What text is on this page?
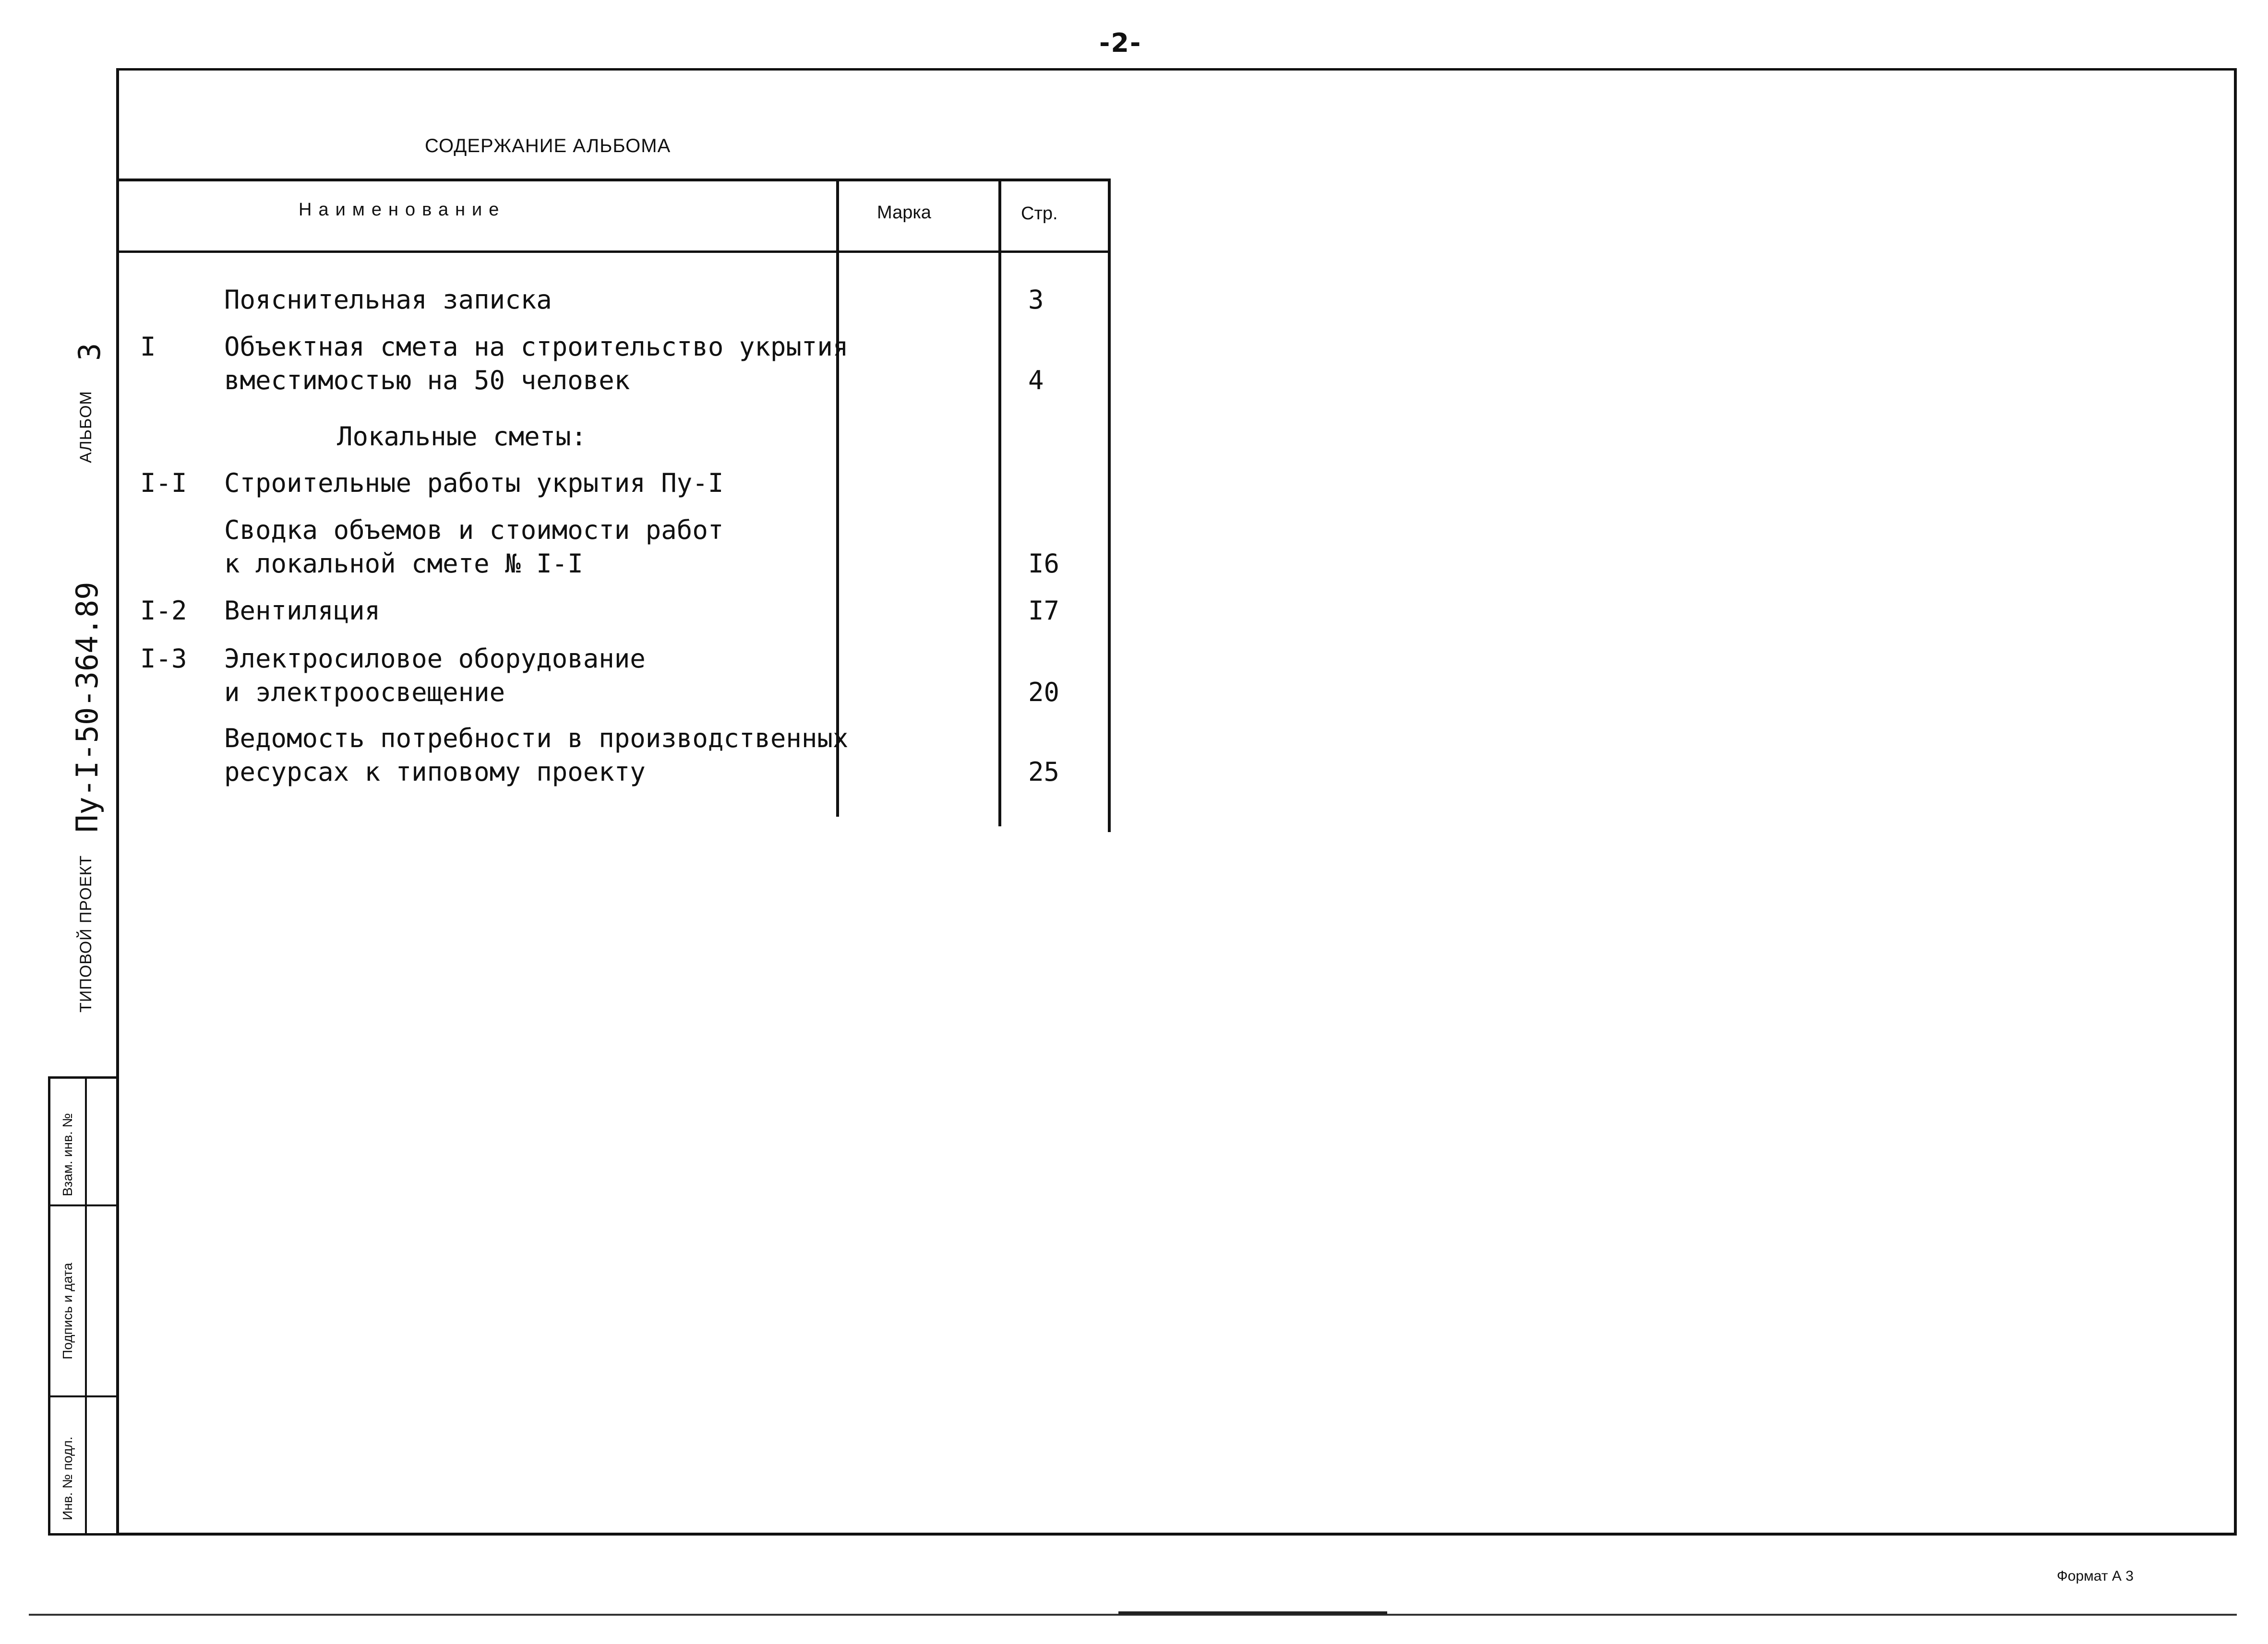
-2-
СОДЕРЖАНИЕ АЛЬБОМА
Наименование	Марка	Стр.
Пояснительная записка	3
I	Объектная смета на строительство укрытия
вместимостью на 50 человек	4
Локальные сметы:
I-I Строительные работы укрытия Пу-I
Сводка объемов и стоимости работ
к локальной смете № I-I	I6
I-2 Вентиляция	I7
I-3 Электросиловое оборудование
и электроосвещение	20
Ведомость потребности в производственных
ресурсах к типовому проекту	25
ТИПОВОЙ ПРОЕКТ
Пу-I-50-364.89
АЛЬБОМ
3
Взам. инв. №
Подпись и дата
Инв. № подл.
Формат А 3
